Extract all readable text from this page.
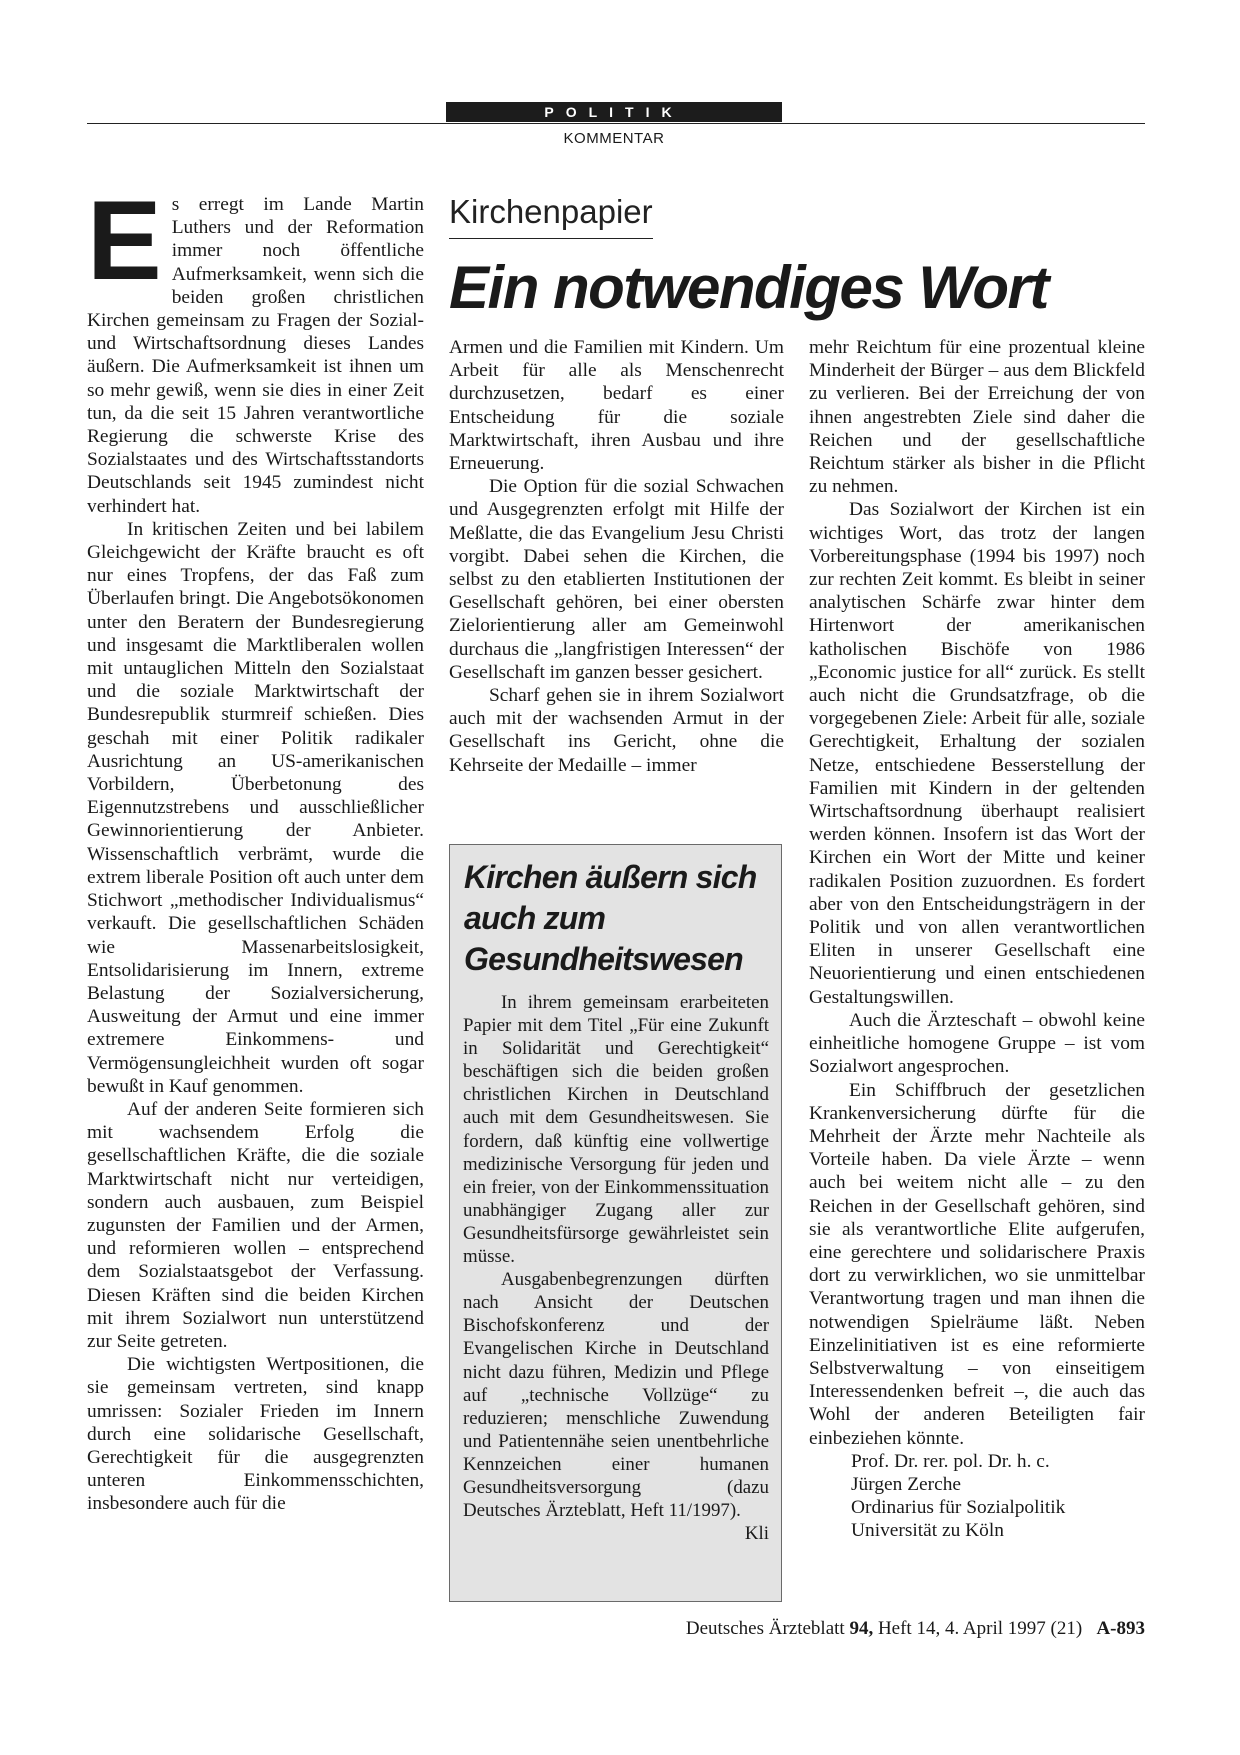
POLITIK
KOMMENTAR
E s erregt im Lande Martin Luthers und der Reformation immer noch öffentliche Aufmerksamkeit, wenn sich die beiden großen christlichen Kirchen gemeinsam zu Fragen der Sozial- und Wirtschaftsordnung dieses Landes äußern. Die Aufmerksamkeit ist ihnen um so mehr gewiß, wenn sie dies in einer Zeit tun, da die seit 15 Jahren verantwortliche Regierung die schwerste Krise des Sozialstaates und des Wirtschaftsstandorts Deutschlands seit 1945 zumindest nicht verhindert hat.

In kritischen Zeiten und bei labilem Gleichgewicht der Kräfte braucht es oft nur eines Tropfens, der das Faß zum Überlaufen bringt. Die Angebotsökonomen unter den Beratern der Bundesregierung und insgesamt die Marktliberalen wollen mit untauglichen Mitteln den Sozialstaat und die soziale Marktwirtschaft der Bundesrepublik sturmreif schießen. Dies geschah mit einer Politik radikaler Ausrichtung an US-amerikanischen Vorbildern, Überbetonung des Eigennutzstrebens und ausschließlicher Gewinnorientierung der Anbieter. Wissenschaftlich verbrämt, wurde die extrem liberale Position oft auch unter dem Stichwort „methodischer Individualismus“ verkauft. Die gesellschaftlichen Schäden wie Massenarbeitslosigkeit, Entsolidarisierung im Innern, extreme Belastung der Sozialversicherung, Ausweitung der Armut und eine immer extremere Einkommens- und Vermögensungleichheit wurden oft sogar bewußt in Kauf genommen.

Auf der anderen Seite formieren sich mit wachsendem Erfolg die gesellschaftlichen Kräfte, die die soziale Marktwirtschaft nicht nur verteidigen, sondern auch ausbauen, zum Beispiel zugunsten der Familien und der Armen, und reformieren wollen – entsprechend dem Sozialstaatsgebot der Verfassung. Diesen Kräften sind die beiden Kirchen mit ihrem Sozialwort nun unterstützend zur Seite getreten.

Die wichtigsten Wertpositionen, die sie gemeinsam vertreten, sind knapp umrissen: Sozialer Frieden im Innern durch eine solidarische Gesellschaft, Gerechtigkeit für die ausgegrenzten unteren Einkommensschichten, insbesondere auch für die

Kirchenpapier
Ein notwendiges Wort

Armen und die Familien mit Kindern. Um Arbeit für alle als Menschenrecht durchzusetzen, bedarf es einer Entscheidung für die soziale Marktwirtschaft, ihren Ausbau und ihre Erneuerung.

Die Option für die sozial Schwachen und Ausgegrenzten erfolgt mit Hilfe der Meßlatte, die das Evangelium Jesu Christi vorgibt. Dabei sehen die Kirchen, die selbst zu den etablierten Institutionen der Gesellschaft gehören, bei einer obersten Zielorientierung aller am Gemeinwohl durchaus die „langfristigen Interessen“ der Gesellschaft im ganzen besser gesichert.

Scharf gehen sie in ihrem Sozialwort auch mit der wachsenden Armut in der Gesellschaft ins Gericht, ohne die Kehrseite der Medaille – immer

Kirchen äußern sich auch zum Gesundheitswesen

In ihrem gemeinsam erarbeiteten Papier mit dem Titel „Für eine Zukunft in Solidarität und Gerechtigkeit“ beschäftigen sich die beiden großen christlichen Kirchen in Deutschland auch mit dem Gesundheitswesen. Sie fordern, daß künftig eine vollwertige medizinische Versorgung für jeden und ein freier, von der Einkommenssituation unabhängiger Zugang aller zur Gesundheitsfürsorge gewährleistet sein müsse.

Ausgabenbegrenzungen dürften nach Ansicht der Deutschen Bischofskonferenz und der Evangelischen Kirche in Deutschland nicht dazu führen, Medizin und Pflege auf „technische Vollzüge“ zu reduzieren; menschliche Zuwendung und Patientennähe seien unentbehrliche Kennzeichen einer humanen Gesundheitsversorgung (dazu Deutsches Ärzteblatt, Heft 11/1997).
Kli

mehr Reichtum für eine prozentual kleine Minderheit der Bürger – aus dem Blickfeld zu verlieren. Bei der Erreichung der von ihnen angestrebten Ziele sind daher die Reichen und der gesellschaftliche Reichtum stärker als bisher in die Pflicht zu nehmen.

Das Sozialwort der Kirchen ist ein wichtiges Wort, das trotz der langen Vorbereitungsphase (1994 bis 1997) noch zur rechten Zeit kommt. Es bleibt in seiner analytischen Schärfe zwar hinter dem Hirtenwort der amerikanischen katholischen Bischöfe von 1986 „Economic justice for all“ zurück. Es stellt auch nicht die Grundsatzfrage, ob die vorgegebenen Ziele: Arbeit für alle, soziale Gerechtigkeit, Erhaltung der sozialen Netze, entschiedene Besserstellung der Familien mit Kindern in der geltenden Wirtschaftsordnung überhaupt realisiert werden können. Insofern ist das Wort der Kirchen ein Wort der Mitte und keiner radikalen Position zuzuordnen. Es fordert aber von den Entscheidungsträgern in der Politik und von allen verantwortlichen Eliten in unserer Gesellschaft eine Neuorientierung und einen entschiedenen Gestaltungswillen.

Auch die Ärzteschaft – obwohl keine einheitliche homogene Gruppe – ist vom Sozialwort angesprochen.

Ein Schiffbruch der gesetzlichen Krankenversicherung dürfte für die Mehrheit der Ärzte mehr Nachteile als Vorteile haben. Da viele Ärzte – wenn auch bei weitem nicht alle – zu den Reichen in der Gesellschaft gehören, sind sie als verantwortliche Elite aufgerufen, eine gerechtere und solidarischere Praxis dort zu verwirklichen, wo sie unmittelbar Verantwortung tragen und man ihnen die notwendigen Spielräume läßt. Neben Einzelinitiativen ist es eine reformierte Selbstverwaltung – von einseitigem Interessendenken befreit –, die auch das Wohl der anderen Beteiligten fair einbeziehen könnte.

Prof. Dr. rer. pol. Dr. h. c.
Jürgen Zerche
Ordinarius für Sozialpolitik
Universität zu Köln
Deutsches Ärzteblatt 94, Heft 14, 4. April 1997 (21) A-893
